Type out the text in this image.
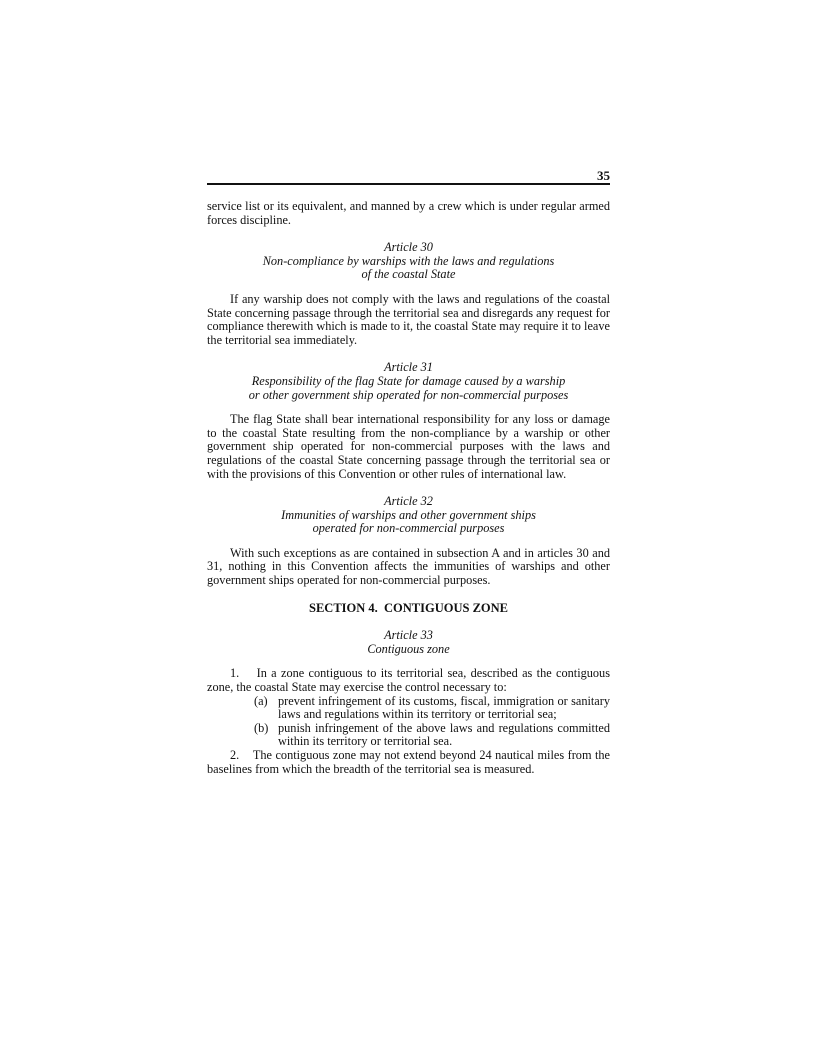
35

service list or its equivalent, and manned by a crew which is under regular armed forces discipline.

Article 30

Non-compliance by warships with the laws and regulations

of the coastal State

If any warship does not comply with the laws and regulations of the coastal State concerning passage through the territorial sea and disregards any request for compliance therewith which is made to it, the coastal State may require it to leave the territorial sea immediately.

Article 31

Responsibility of the flag State for damage caused by a warship

or other government ship operated for non-commercial purposes

The flag State shall bear international responsibility for any loss or damage to the coastal State resulting from the non-compliance by a warship or other government ship operated for non-commercial purposes with the laws and regulations of the coastal State concerning passage through the territorial sea or with the provisions of this Convention or other rules of international law.

Article 32

Immunities of warships and other government ships

operated for non-commercial purposes

With such exceptions as are contained in subsection A and in articles 30 and 31, nothing in this Convention affects the immunities of warships and other government ships operated for non-commercial purposes.

SECTION 4.  CONTIGUOUS ZONE

Article 33

Contiguous zone

1.    In a zone contiguous to its territorial sea, described as the contiguous zone, the coastal State may exercise the control necessary to:

(a) prevent infringement of its customs, fiscal, immigration or sanitary laws and regulations within its territory or territorial sea;
(b) punish infringement of the above laws and regulations committed within its territory or territorial sea.

2.    The contiguous zone may not extend beyond 24 nautical miles from the baselines from which the breadth of the territorial sea is measured.
